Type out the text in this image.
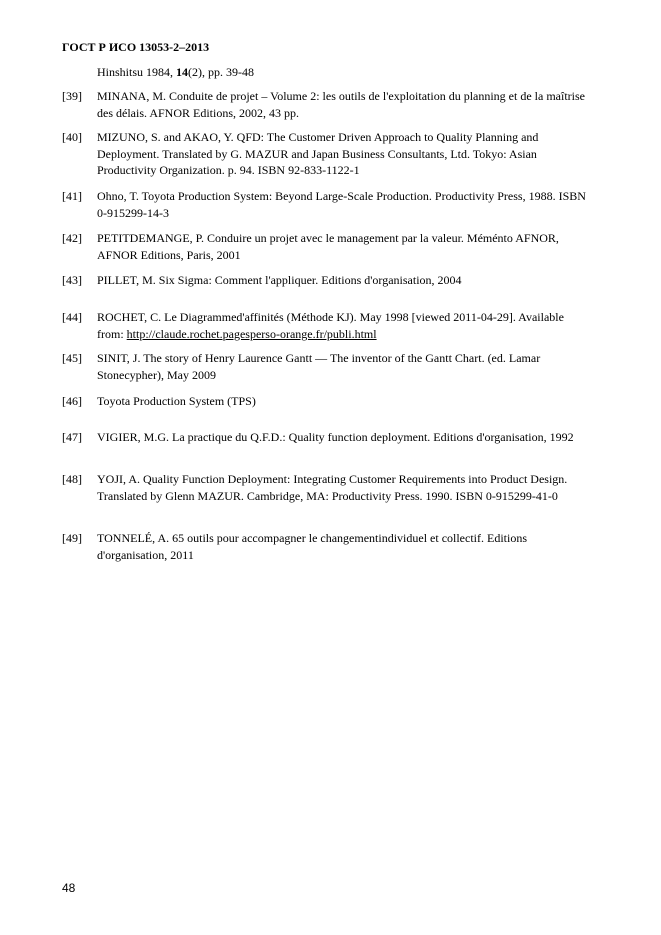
ГОСТ Р ИСО 13053-2–2013
Hinshitsu 1984, 14(2), pp. 39-48
[39] MINANA, M. Conduite de projet – Volume 2: les outils de l'exploitation du planning et de la maîtrise des délais. AFNOR Editions, 2002, 43 pp.
[40] MIZUNO, S. and AKAO, Y. QFD: The Customer Driven Approach to Quality Planning and Deployment. Translated by G. MAZUR and Japan Business Consultants, Ltd. Tokyo: Asian Productivity Organization. p. 94. ISBN 92-833-1122-1
[41] Ohno, T. Toyota Production System: Beyond Large-Scale Production. Productivity Press, 1988. ISBN 0-915299-14-3
[42] PETITDEMANGE, P. Conduire un projet avec le management par la valeur. Méménto AFNOR, AFNOR Editions, Paris, 2001
[43] PILLET, M. Six Sigma: Comment l'appliquer. Editions d'organisation, 2004
[44] ROCHET, C. Le Diagrammed'affinités (Méthode KJ). May 1998 [viewed 2011-04-29]. Available from: http://claude.rochet.pagesperso-orange.fr/publi.html
[45] SINIT, J. The story of Henry Laurence Gantt — The inventor of the Gantt Chart. (ed. Lamar Stonecypher), May 2009
[46] Toyota Production System (TPS)
[47] VIGIER, M.G. La practique du Q.F.D.: Quality function deployment. Editions d'organisation, 1992
[48] YOJI, A. Quality Function Deployment: Integrating Customer Requirements into Product Design. Translated by Glenn MAZUR. Cambridge, MA: Productivity Press. 1990. ISBN 0-915299-41-0
[49] TONNELÉ, A. 65 outils pour accompagner le changementindividuel et collectif. Editions d'organisation, 2011
48
